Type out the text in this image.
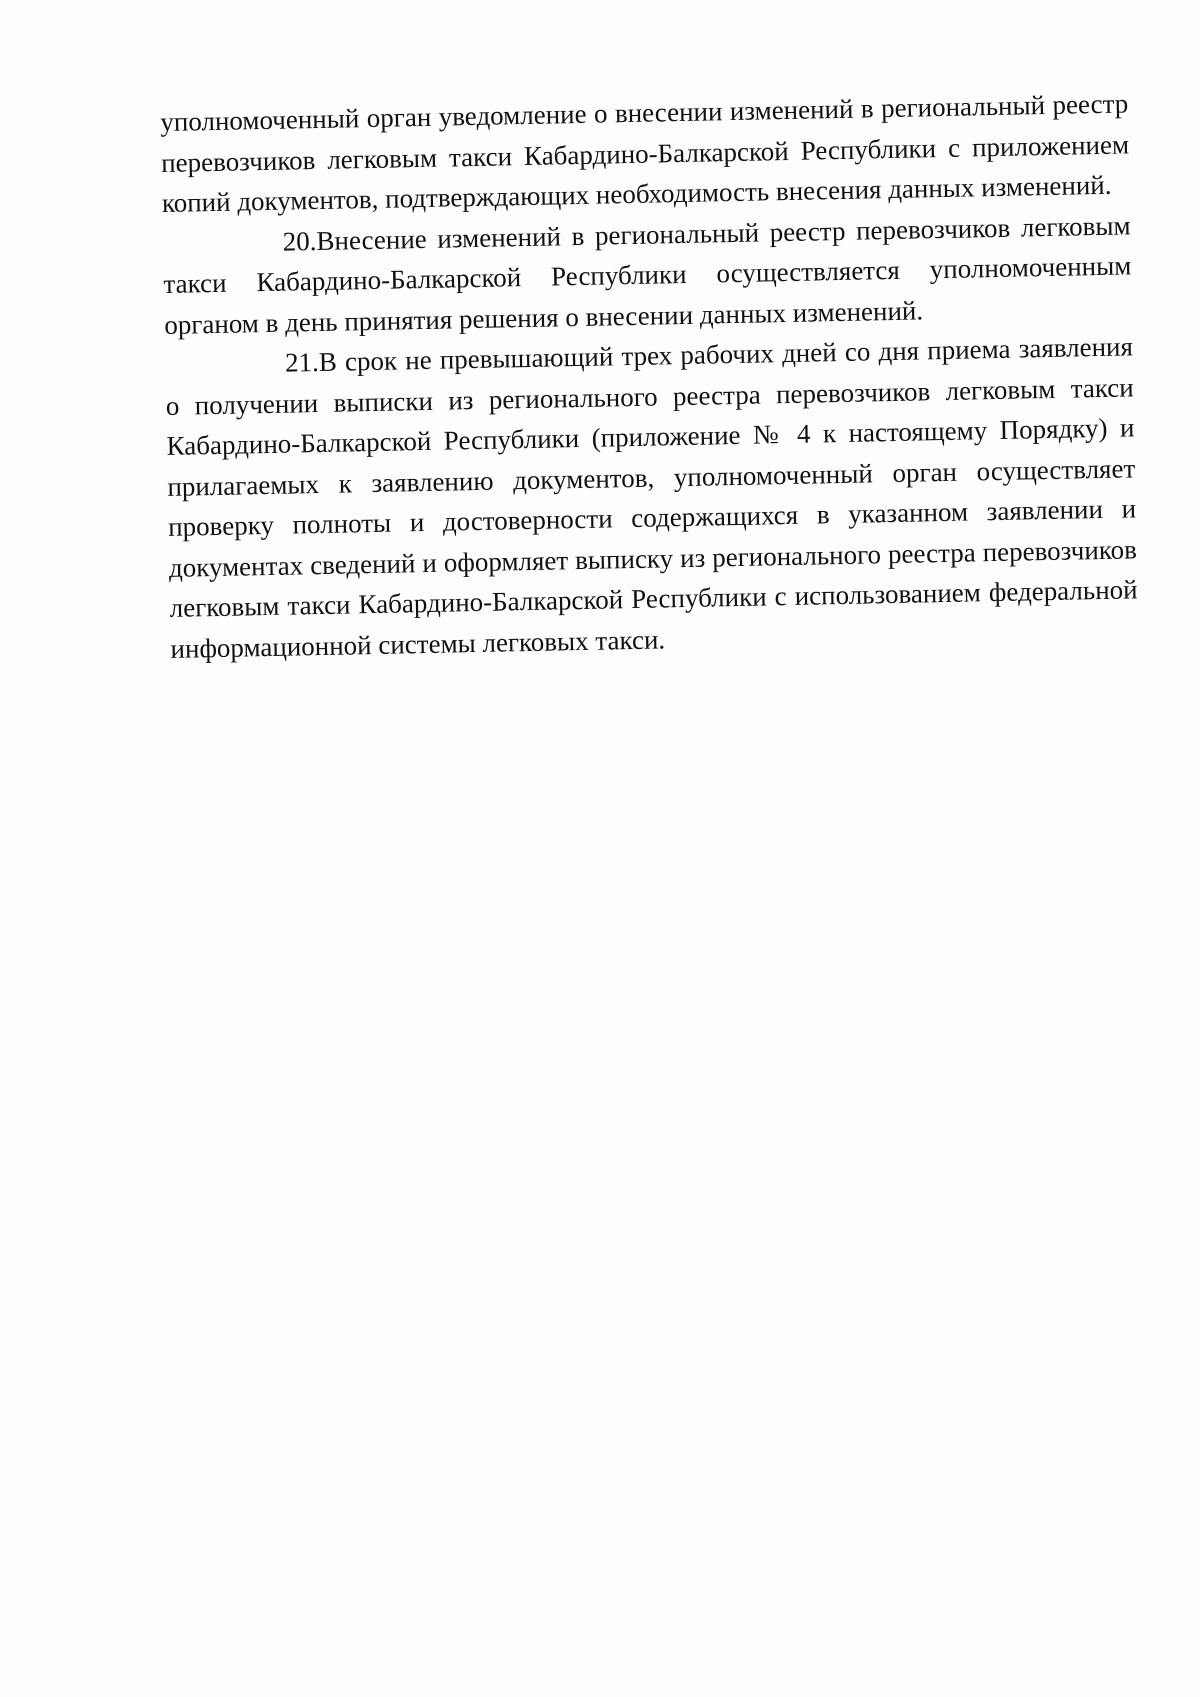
уполномоченный орган уведомление о внесении изменений в региональный реестр перевозчиков легковым такси Кабардино-Балкарской Республики с приложением копий документов, подтверждающих необходимость внесения данных изменений.

20.Внесение изменений в региональный реестр перевозчиков легковым такси Кабардино-Балкарской Республики осуществляется уполномоченным органом в день принятия решения о внесении данных изменений.

21.В срок не превышающий трех рабочих дней со дня приема заявления о получении выписки из регионального реестра перевозчиков легковым такси Кабардино-Балкарской Республики (приложение № 4 к настоящему Порядку) и прилагаемых к заявлению документов, уполномоченный орган осуществляет проверку полноты и достоверности содержащихся в указанном заявлении и документах сведений и оформляет выписку из регионального реестра перевозчиков легковым такси Кабардино-Балкарской Республики с использованием федеральной информационной системы легковых такси.
